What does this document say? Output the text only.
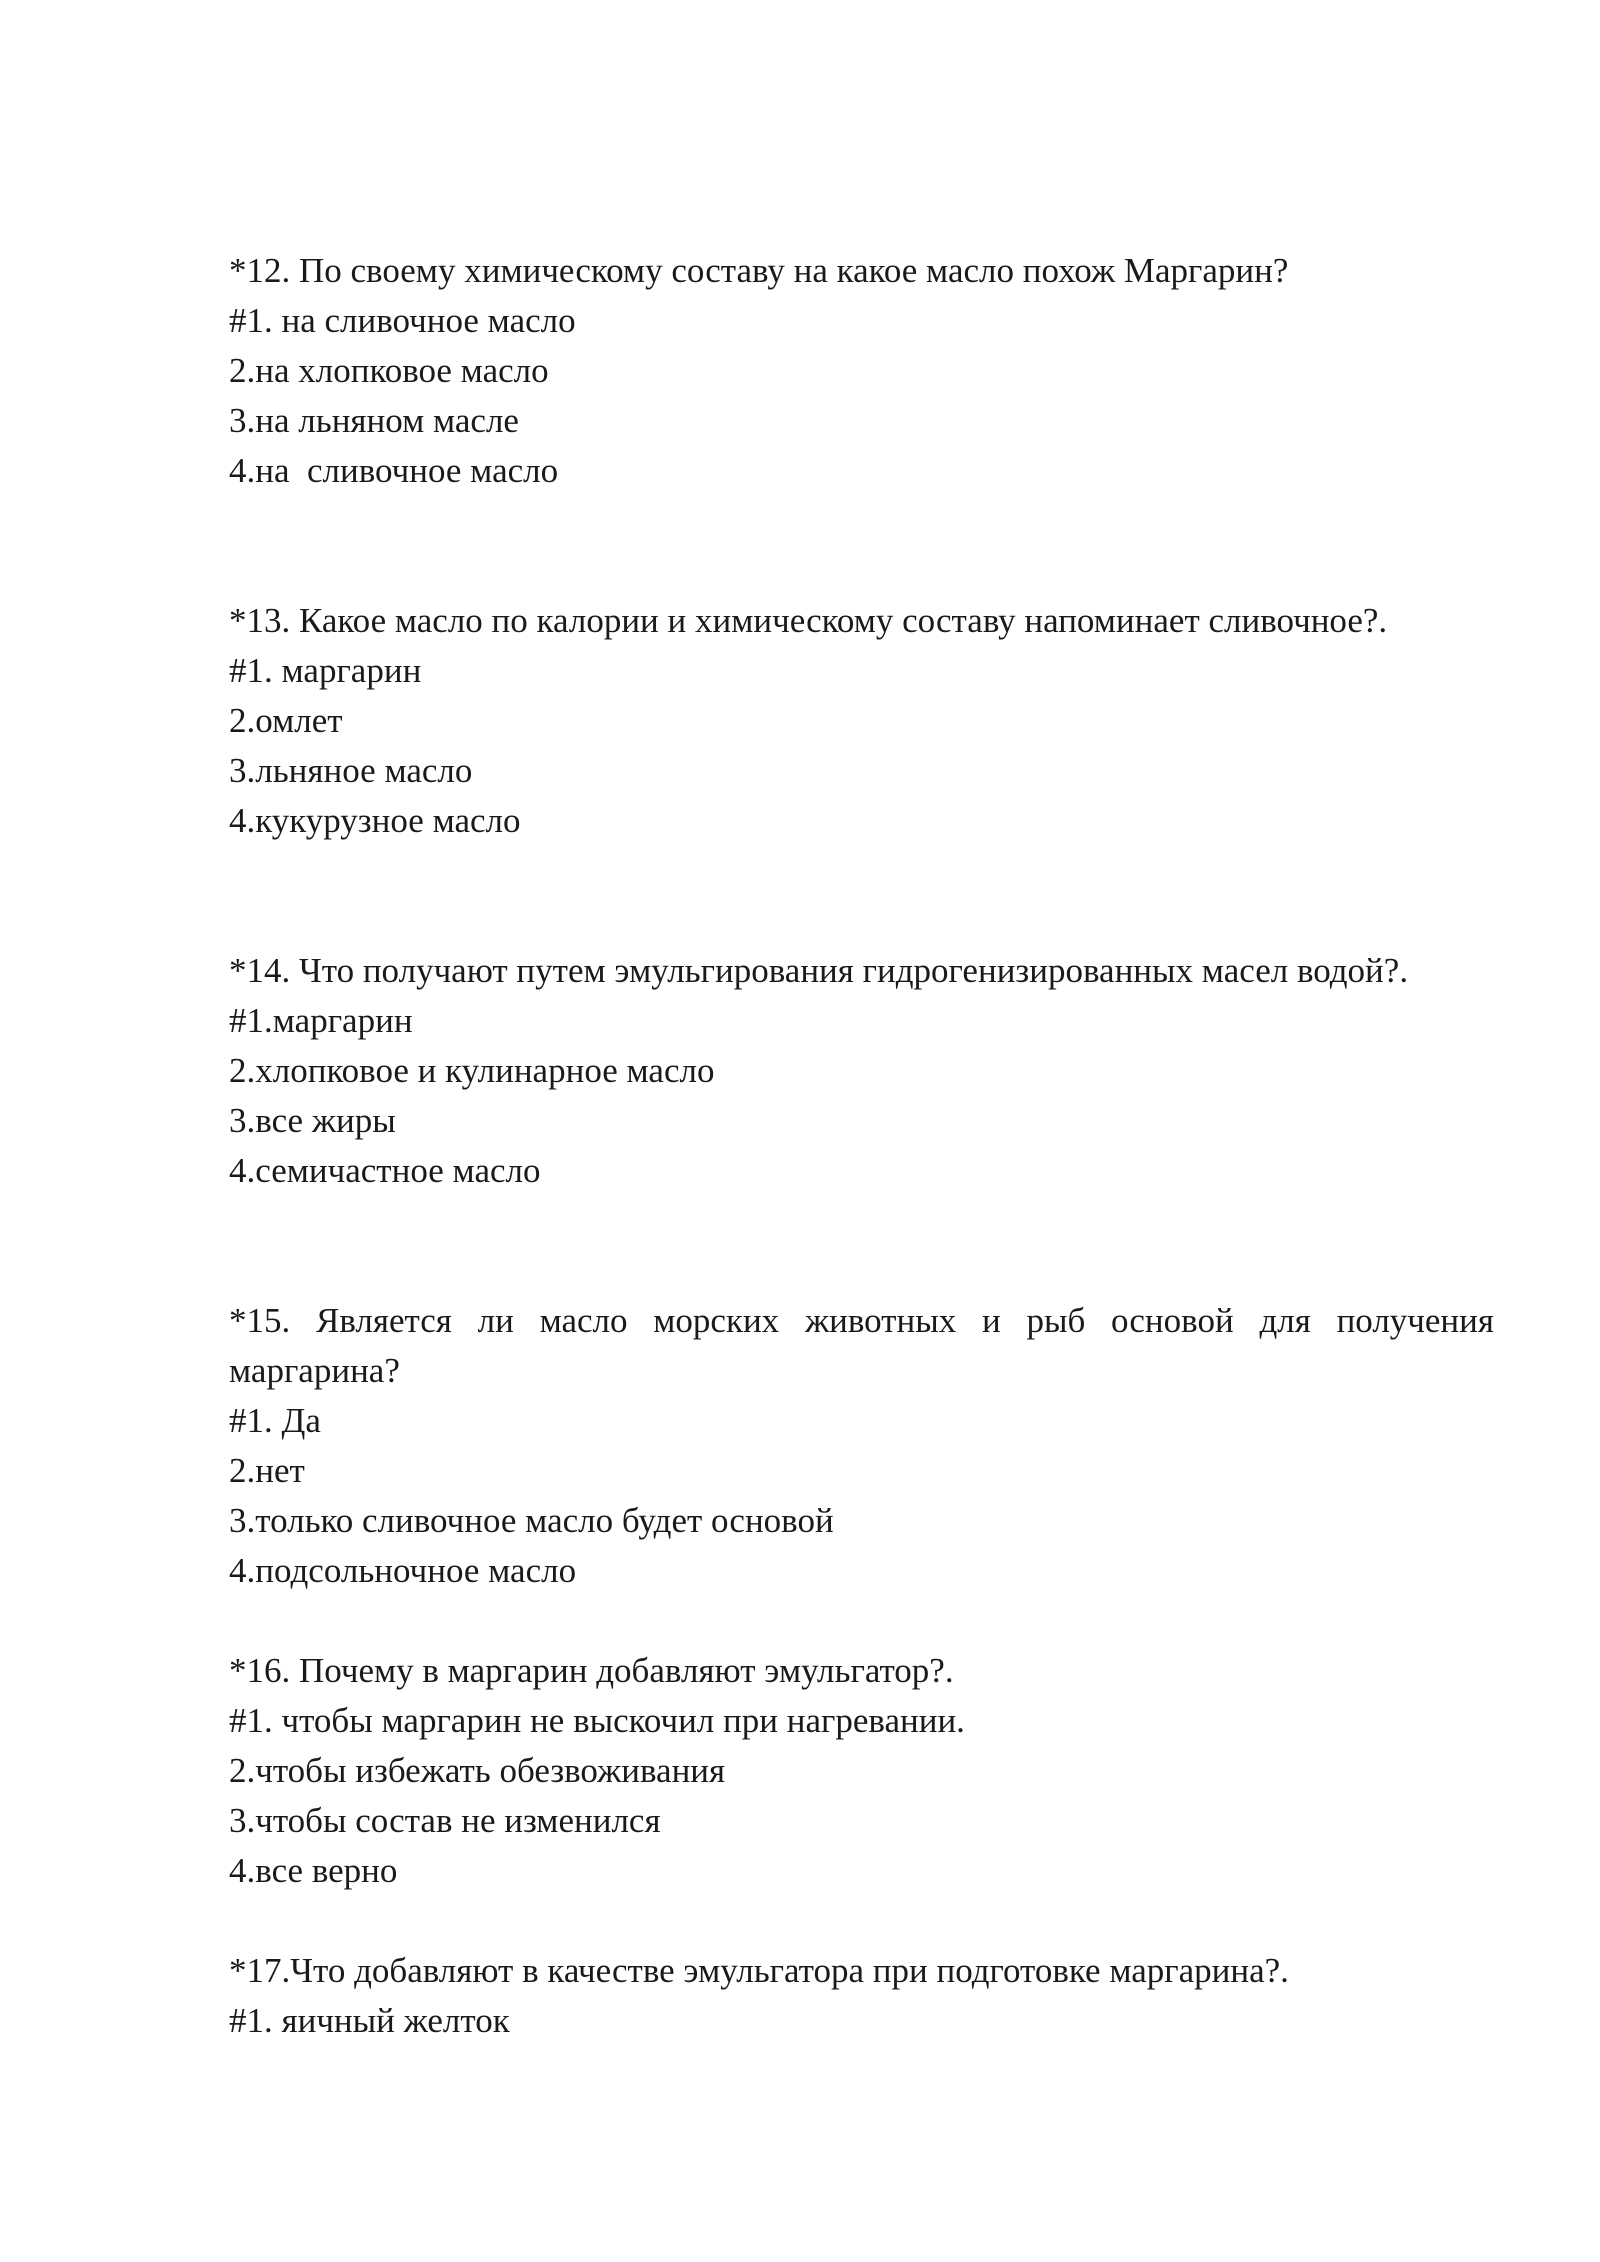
*12. По своему химическому составу на какое масло похож Маргарин?

#1. на сливочное масло

2.на хлопковое масло

3.на льняном масле

4.на  сливочное масло

*13. Какое масло по калории и химическому составу напоминает сливочное?.

#1. маргарин

2.омлет

3.льняное масло

4.кукурузное масло

*14. Что получают путем эмульгирования гидрогенизированных масел водой?.

#1.маргарин

2.хлопковое и кулинарное масло

3.все жиры

4.семичастное масло

*15. Является ли масло морских животных и рыб основой для получения маргарина?

#1. Да

2.нет

3.только сливочное масло будет основой

4.подсольночное масло

*16. Почему в маргарин добавляют эмульгатор?.

#1. чтобы маргарин не выскочил при нагревании.

2.чтобы избежать обезвоживания

3.чтобы состав не изменился

4.все верно

*17.Что добавляют в качестве эмульгатора при подготовке маргарина?.

#1. яичный желток
